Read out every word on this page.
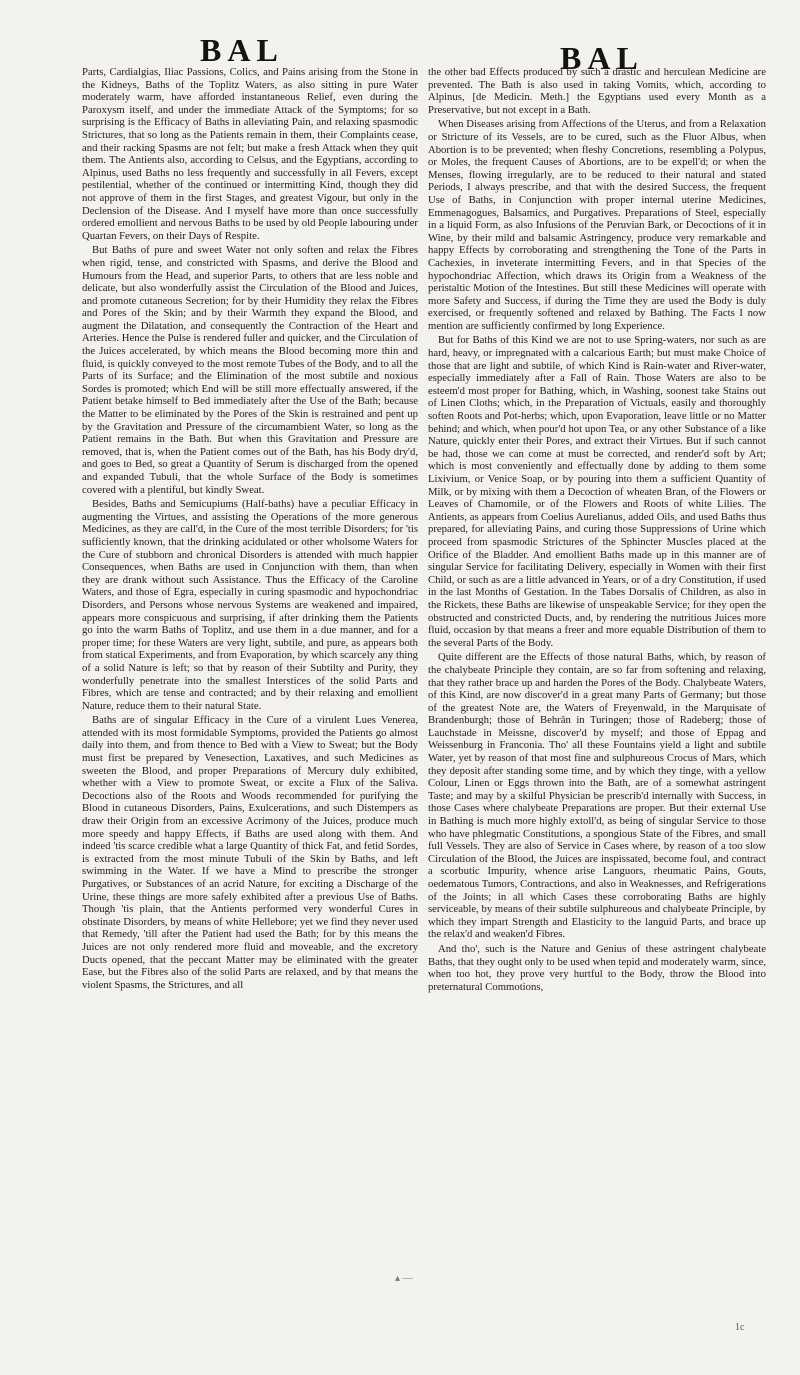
BAL	BAL

Parts, Cardialgias, Iliac Passions, Colics, and Pains arising from the Stone in the Kidneys, Baths of the Toplitz Waters, as also sitting in pure Water moderately warm, have afforded instantaneous Relief, even during the Paroxysm itself, and under the immediate Attack of the Symptoms; for so surprising is the Efficacy of Baths in alleviating Pain, and relaxing spasmodic Strictures, that so long as the Patients remain in them, their Complaints cease, and their racking Spasms are not felt; but make a fresh Attack when they quit them. The Antients also, according to Celsus, and the Egyptians, according to Alpinus, used Baths no less frequently and successfully in all Fevers, except pestilential, whether of the continued or intermitting Kind, though they did not approve of them in the first Stages, and greatest Vigour, but only in the Declension of the Disease. And I myself have more than once successfully ordered emollient and nervous Baths to be used by old People labouring under Quartan Fevers, on their Days of Respite.

But Baths of pure and sweet Water not only soften and relax the Fibres when rigid, tense, and constricted with Spasms, and derive the Blood and Humours from the Head, and superior Parts, to others that are less noble and delicate, but also wonderfully assist the Circulation of the Blood and Juices, and promote cutaneous Secretion; for by their Humidity they relax the Fibres and Pores of the Skin; and by their Warmth they expand the Blood, and augment the Dilatation, and consequently the Contraction of the Heart and Arteries. Hence the Pulse is rendered fuller and quicker, and the Circulation of the Juices accelerated, by which means the Blood becoming more thin and fluid, is quickly conveyed to the most remote Tubes of the Body, and to all the Parts of its Surface; and the Elimination of the most subtile and noxious Sordes is promoted; which End will be still more effectually answered, if the Patient betake himself to Bed immediately after the Use of the Bath; because the Matter to be eliminated by the Pores of the Skin is restrained and pent up by the Gravitation and Pressure of the circumambient Water, so long as the Patient remains in the Bath. But when this Gravitation and Pressure are removed, that is, when the Patient comes out of the Bath, has his Body dry'd, and goes to Bed, so great a Quantity of Serum is discharged from the opened and expanded Tubuli, that the whole Surface of the Body is sometimes covered with a plentiful, but kindly Sweat.

Besides, Baths and Semicupiums (Half-baths) have a peculiar Efficacy in augmenting the Virtues, and assisting the Operations of the more generous Medicines, as they are call'd, in the Cure of the most terrible Disorders; for 'tis sufficiently known, that the drinking acidulated or other wholsome Waters for the Cure of stubborn and chronical Disorders is attended with much happier Consequences, when Baths are used in Conjunction with them, than when they are drank without such Assistance. Thus the Efficacy of the Caroline Waters, and those of Egra, especially in curing spasmodic and hypochondriac Disorders, and Persons whose nervous Systems are weakened and impaired, appears more conspicuous and surprising, if after drinking them the Patients go into the warm Baths of Toplitz, and use them in a due manner, and for a proper time; for these Waters are very light, subtile, and pure, as appears both from statical Experiments, and from Evaporation, by which scarcely any thing of a solid Nature is left; so that by reason of their Subtilty and Purity, they wonderfully penetrate into the smallest Interstices of the solid Parts and Fibres, which are tense and contracted; and by their relaxing and emollient Nature, reduce them to their natural State.

Baths are of singular Efficacy in the Cure of a virulent Lues Venerea, attended with its most formidable Symptoms, provided the Patients go almost daily into them, and from thence to Bed with a View to Sweat; but the Body must first be prepared by Venesection, Laxatives, and such Medicines as sweeten the Blood, and proper Preparations of Mercury duly exhibited, whether with a View to promote Sweat, or excite a Flux of the Saliva. Decoctions also of the Roots and Woods recommended for purifying the Blood in cutaneous Disorders, Pains, Exulcerations, and such Distempers as draw their Origin from an excessive Acrimony of the Juices, produce much more speedy and happy Effects, if Baths are used along with them. And indeed 'tis scarce credible what a large Quantity of thick Fat, and fetid Sordes, is extracted from the most minute Tubuli of the Skin by Baths, and left swimming in the Water. If we have a Mind to prescribe the stronger Purgatives, or Substances of an acrid Nature, for exciting a Discharge of the Urine, these things are more safely exhibited after a previous Use of Baths. Though 'tis plain, that the Antients performed very wonderful Cures in obstinate Disorders, by means of white Hellebore; yet we find they never used that Remedy, 'till after the Patient had used the Bath; for by this means the Juices are not only rendered more fluid and moveable, and the excretory Ducts opened, that the peccant Matter may be eliminated with the greater Ease, but the Fibres also of the solid Parts are relaxed, and by that means the violent Spasms, the Strictures, and all

the other bad Effects produced by such a drastic and herculean Medicine are prevented. The Bath is also used in taking Vomits, which, according to Alpinus, [de Medicin. Meth.] the Egyptians used every Month as a Preservative, but not except in a Bath.

When Diseases arising from Affections of the Uterus, and from a Relaxation or Stricture of its Vessels, are to be cured, such as the Fluor Albus, when Abortion is to be prevented; when fleshy Concretions, resembling a Polypus, or Moles, the frequent Causes of Abortions, are to be expell'd; or when the Menses, flowing irregularly, are to be reduced to their natural and stated Periods, I always prescribe, and that with the desired Success, the frequent Use of Baths, in Conjunction with proper internal uterine Medicines, Emmenagogues, Balsamics, and Purgatives. Preparations of Steel, especially in a liquid Form, as also Infusions of the Peruvian Bark, or Decoctions of it in Wine, by their mild and balsamic Astringency, produce very remarkable and happy Effects by corroborating and strengthening the Tone of the Parts in Cachexies, in inveterate intermitting Fevers, and in that Species of the hypochondriac Affection, which draws its Origin from a Weakness of the peristaltic Motion of the Intestines. But still these Medicines will operate with more Safety and Success, if during the Time they are used the Body is duly exercised, or frequently softened and relaxed by Bathing. The Facts I now mention are sufficiently confirmed by long Experience.

But for Baths of this Kind we are not to use Spring-waters, nor such as are hard, heavy, or impregnated with a calcarious Earth; but must make Choice of those that are light and subtile, of which Kind is Rain-water and River-water, especially immediately after a Fall of Rain. Those Waters are also to be esteem'd most proper for Bathing, which, in Washing, soonest take Stains out of Linen Cloths; which, in the Preparation of Victuals, easily and thoroughly soften Roots and Pot-herbs; which, upon Evaporation, leave little or no Matter behind; and which, when pour'd hot upon Tea, or any other Substance of a like Nature, quickly enter their Pores, and extract their Virtues. But if such cannot be had, those we can come at must be corrected, and render'd soft by Art; which is most conveniently and effectually done by adding to them some Lixivium, or Venice Soap, or by pouring into them a sufficient Quantity of Milk, or by mixing with them a Decoction of wheaten Bran, of the Flowers or Leaves of Chamomile, or of the Flowers and Roots of white Lilies. The Antients, as appears from Coelius Aurelianus, added Oils, and used Baths thus prepared, for alleviating Pains, and curing those Suppressions of Urine which proceed from spasmodic Strictures of the Sphincter Muscles placed at the Orifice of the Bladder. And emollient Baths made up in this manner are of singular Service for facilitating Delivery, especially in Women with their first Child, or such as are a little advanced in Years, or of a dry Constitution, if used in the last Months of Gestation. In the Tabes Dorsalis of Children, as also in the Rickets, these Baths are likewise of unspeakable Service; for they open the obstructed and constricted Ducts, and, by rendering the nutritious Juices more fluid, occasion by that means a freer and more equable Distribution of them to the several Parts of the Body.

Quite different are the Effects of those natural Baths, which, by reason of the chalybeate Principle they contain, are so far from softening and relaxing, that they rather brace up and harden the Pores of the Body. Chalybeate Waters, of this Kind, are now discover'd in a great many Parts of Germany; but those of the greatest Note are, the Waters of Freyenwald, in the Marquisate of Brandenburgh; those of Behrān in Turingen; those of Radeberg; those of Lauchstade in Meissne, discover'd by myself; and those of Eppag and Weissenburg in Franconia. Tho' all these Fountains yield a light and subtile Water, yet by reason of that most fine and sulphureous Crocus of Mars, which they deposit after standing some time, and by which they tinge, with a yellow Colour, Linen or Eggs thrown into the Bath, are of a somewhat astringent Taste; and may by a skilful Physician be prescrib'd internally with Success, in those Cases where chalybeate Preparations are proper. But their external Use in Bathing is much more highly extoll'd, as being of singular Service to those who have phlegmatic Constitutions, a spongious State of the Fibres, and small full Vessels. They are also of Service in Cases where, by reason of a too slow Circulation of the Blood, the Juices are inspissated, become foul, and contract a scorbutic Impurity, whence arise Languors, rheumatic Pains, Gouts, oedematous Tumors, Contractions, and also in Weaknesses, and Refrigerations of the Joints; in all which Cases these corroborating Baths are highly serviceable, by means of their subtile sulphureous and chalybeate Principle, by which they impart Strength and Elasticity to the languid Parts, and brace up the relax'd and weaken'd Fibres.

And tho', such is the Nature and Genius of these astringent chalybeate Baths, that they ought only to be used when tepid and moderately warm, since, when too hot, they prove very hurtful to the Body, throw the Blood into preternatural Commotions,

▴ —
1c
